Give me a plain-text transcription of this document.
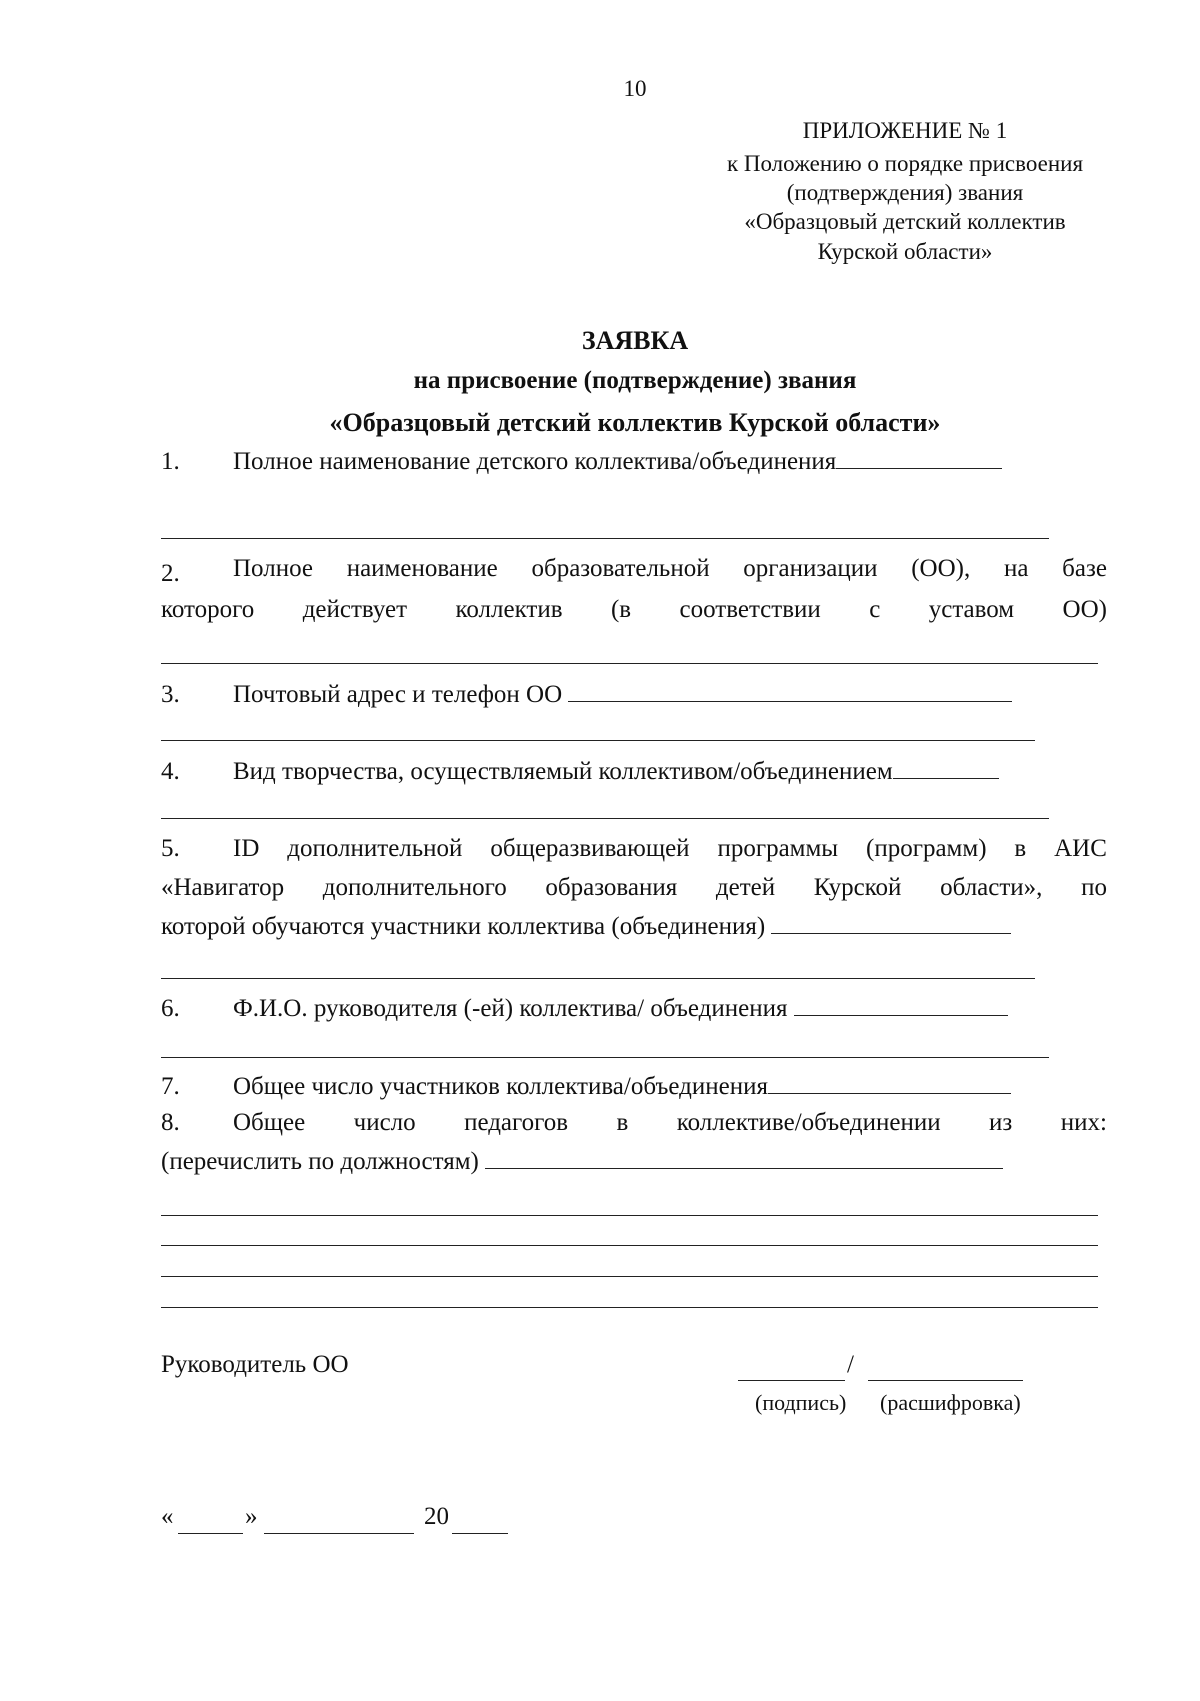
10
ПРИЛОЖЕНИЕ № 1
к Положению о порядке присвоения
(подтверждения) звания
«Образцовый детский коллектив
Курской области»
ЗАЯВКА
на присвоение (подтверждение) звания
«Образцовый детский коллектив Курской области»
1. Полное наименование детского коллектива/объединения
2. Полное наименование образовательной организации (ОО), на базе
которого действует коллектив (в соответствии с уставом ОО)
3. Почтовый адрес и телефон ОО
4. Вид творчества, осуществляемый коллективом/объединением
5. ID дополнительной общеразвивающей программы (программ) в АИС
«Навигатор дополнительного образования детей Курской области», по
которой обучаются участники коллектива (объединения)
6. Ф.И.О. руководителя (-ей) коллектива/ объединения
7. Общее число участников коллектива/объединения
8. Общее число педагогов в коллективе/объединении из них:
(перечислить по должностям)
Руководитель ОО	/
(подпись) (расшифровка)
«	»	20
